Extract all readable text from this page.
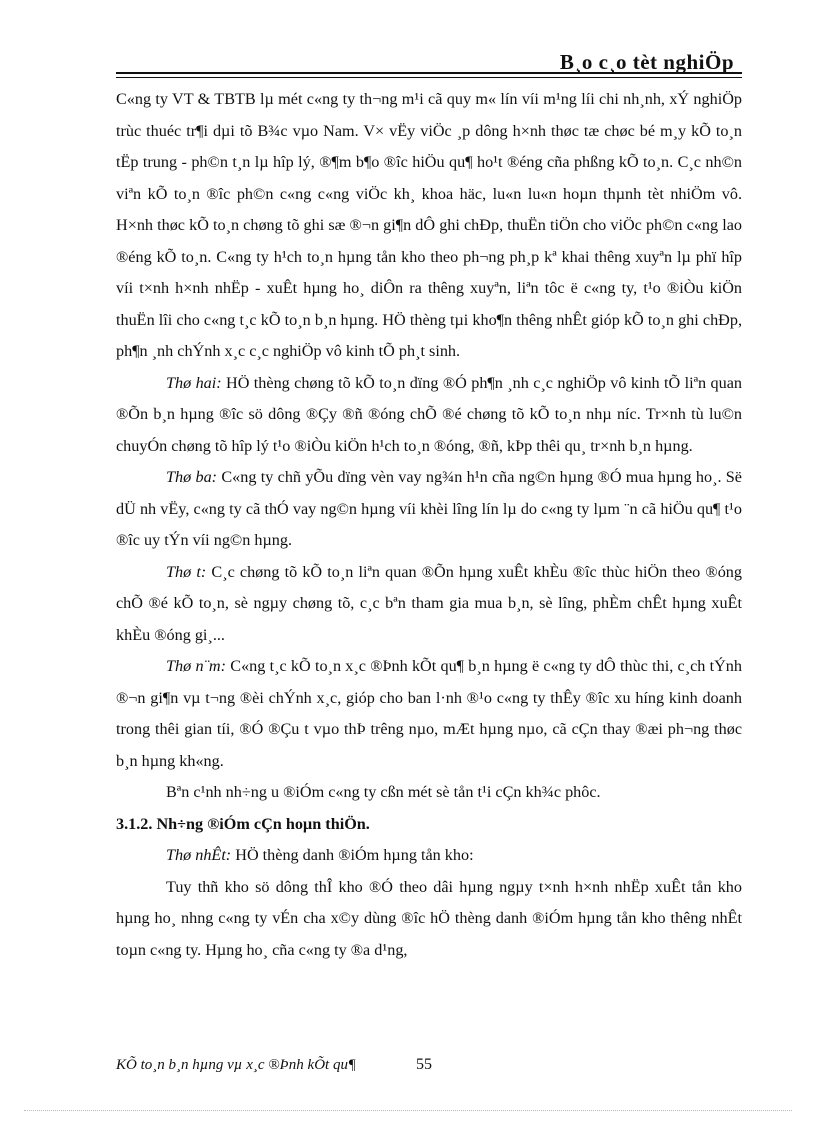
B¸o c¸o tèt nghiÖp

C«ng ty VT & TBTB lµ mét c«ng ty th¬ng m¹i cã quy m« lín víi m¹ng líi chi nh¸nh, xÝ nghiÖp trùc thuéc tr¶i dµi tõ B¾c vµo Nam. V× vËy viÖc ¸p dông h×nh thøc tæ chøc bé m¸y kÕ to¸n tËp trung - ph©n t¸n lµ hîp lý, ®¶m b¶o ®îc hiÖu qu¶ ho¹t ®éng cña phßng kÕ to¸n. C¸c nh©n viªn kÕ to¸n ®îc ph©n c«ng c«ng viÖc kh¸ khoa häc, lu«n lu«n hoµn thµnh tèt nhiÖm vô. H×nh thøc kÕ to¸n chøng tõ ghi sæ ®¬n gi¶n dÔ ghi chÐp, thuËn tiÖn cho viÖc ph©n c«ng lao ®éng kÕ to¸n. C«ng ty h¹ch to¸n hµng tån kho theo ph¬ng ph¸p kª khai thêng xuyªn lµ phï hîp víi t×nh h×nh nhËp - xuÊt hµng ho¸ diÔn ra thêng xuyªn, liªn tôc ë c«ng ty, t¹o ®iÒu kiÖn thuËn lîi cho c«ng t¸c kÕ to¸n b¸n hµng. HÖ thèng tµi kho¶n thêng nhÊt gióp kÕ to¸n ghi chÐp, ph¶n ¸nh chÝnh x¸c c¸c nghiÖp vô kinh tÕ ph¸t sinh.

Thø hai: HÖ thèng chøng tõ kÕ to¸n dïng ®Ó ph¶n ¸nh c¸c nghiÖp vô kinh tÕ liªn quan ®Õn b¸n hµng ®îc sö dông ®Çy ®ñ ®óng chÕ ®é chøng tõ kÕ to¸n nhµ níc. Tr×nh tù lu©n chuyÓn chøng tõ hîp lý t¹o ®iÒu kiÖn h¹ch to¸n ®óng, ®ñ, kÞp thêi qu¸ tr×nh b¸n hµng.

Thø ba: C«ng ty chñ yÕu dïng vèn vay ng¾n h¹n cña ng©n hµng ®Ó mua hµng ho¸. Së dÜ nh vËy, c«ng ty cã thÓ vay ng©n hµng víi khèi lîng lín lµ do c«ng ty lµm ¨n cã hiÖu qu¶ t¹o ®îc uy tÝn víi ng©n hµng.

Thø t: C¸c chøng tõ kÕ to¸n liªn quan ®Õn hµng xuÊt khÈu ®îc thùc hiÖn theo ®óng chÕ ®é kÕ to¸n, sè ngµy chøng tõ, c¸c bªn tham gia mua b¸n, sè lîng, phÈm chÊt hµng xuÊt khÈu ®óng gi¸...

Thø n¨m: C«ng t¸c kÕ to¸n x¸c ®Þnh kÕt qu¶ b¸n hµng ë c«ng ty dÔ thùc thi, c¸ch tÝnh ®¬n gi¶n vµ t¬ng ®èi chÝnh x¸c, gióp cho ban l·nh ®¹o c«ng ty thÊy ®îc xu híng kinh doanh trong thêi gian tíi, ®Ó ®Çu t vµo thÞ trêng nµo, mÆt hµng nµo, cã cÇn thay ®æi ph¬ng thøc b¸n hµng kh«ng.

Bªn c¹nh nh÷ng u ®iÓm c«ng ty cßn mét sè tån t¹i cÇn kh¾c phôc.

3.1.2. Nh÷ng ®iÓm cÇn hoµn thiÖn.

Thø nhÊt: HÖ thèng danh ®iÓm hµng tån kho:

Tuy thñ kho sö dông thÎ kho ®Ó theo dâi hµng ngµy t×nh h×nh nhËp xuÊt tån kho hµng ho¸ nhng c«ng ty vÉn cha x©y dùng ®îc hÖ thèng danh ®iÓm hµng tån kho thêng nhÊt toµn c«ng ty. Hµng ho¸ cña c«ng ty ®a d¹ng,

KÕ to¸n b¸n hµng vµ x¸c ®Þnh kÕt qu¶	55
